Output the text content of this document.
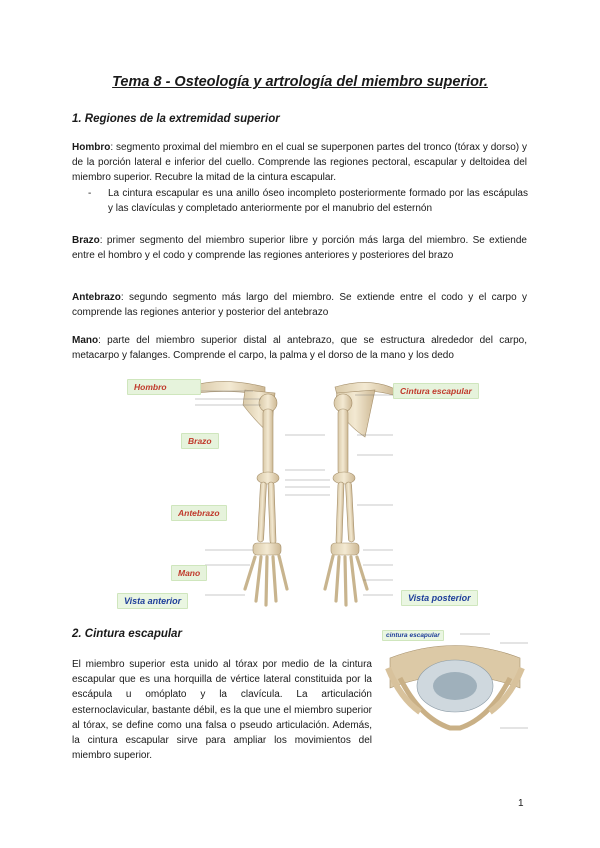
Tema 8 - Osteología y artrología del miembro superior.
1. Regiones de la extremidad superior

Hombro: segmento proximal del miembro en el cual se superponen partes del tronco (tórax y dorso) y de la porción lateral e inferior del cuello. Comprende las regiones pectoral, escapular y deltoidea del miembro superior. Recubre la mitad de la cintura escapular.

- La cintura escapular es una anillo óseo incompleto posteriormente formado por las escápulas y las clavículas y completado anteriormente por el manubrio del esternón

Brazo: primer segmento del miembro superior libre y porción más larga del miembro. Se extiende entre el hombro y el codo y comprende las regiones anteriores y posteriores del brazo

Antebrazo: segundo segmento más largo del miembro. Se extiende entre el codo y el carpo y comprende las regiones anterior y posterior del antebrazo

Mano: parte del miembro superior distal al antebrazo, que se estructura alrededor del carpo, metacarpo y falanges. Comprende el carpo, la palma y el dorso de la mano y los dedo

Hombro
Brazo
Antebrazo
Mano
Cintura escapular
Vista anterior	Vista posterior
2. Cintura escapular

El miembro superior esta unido al tórax por medio de la cintura escapular que es una horquilla de vértice lateral constituida por la escápula u omóplato y la clavícula. La articulación esternoclavicular, bastante débil, es la que une el miembro superior al tórax, se define como una falsa o pseudo articulación. Además, la cintura escapular sirve para ampliar los movimientos del miembro superior.

cintura escapular
1
